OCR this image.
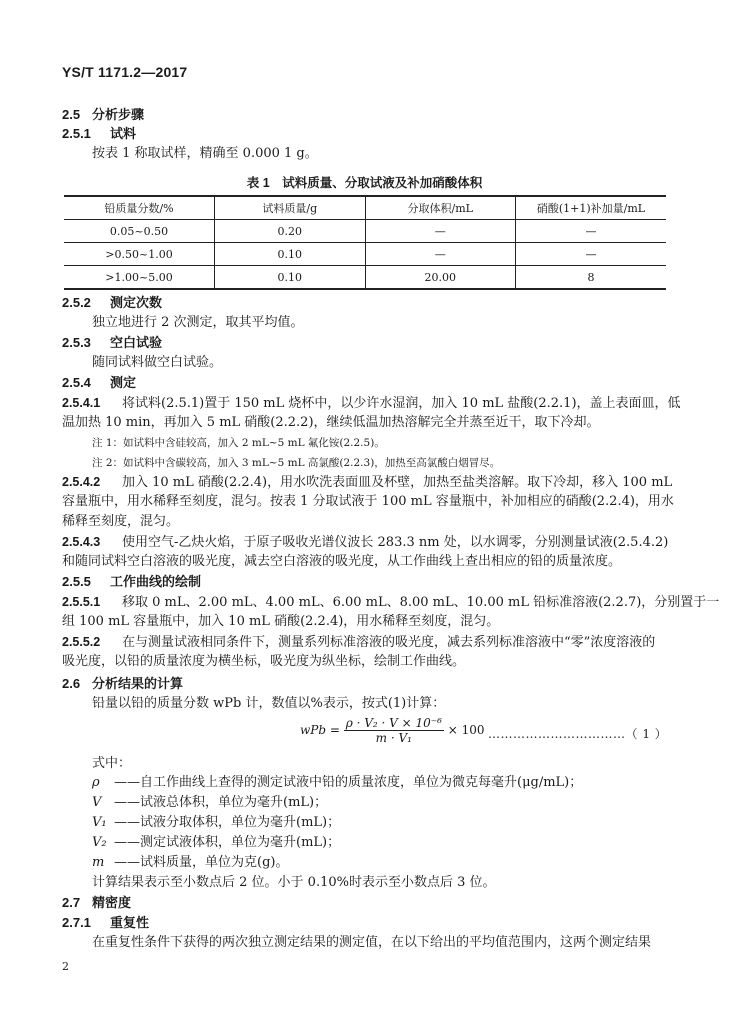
YS/T 1171.2—2017
2.5 分析步骤
2.5.1 试料
按表 1 称取试样，精确至 0.000 1 g。
表 1　试料质量、分取试液及补加硝酸体积
铅质量分数/%	试料质量/g	分取体积/mL	硝酸(1+1)补加量/mL
0.05~0.50	0.20	—	—
>0.50~1.00	0.10	—	—
>1.00~5.00	0.10	20.00	8
2.5.2 测定次数
独立地进行 2 次测定，取其平均值。
2.5.3 空白试验
随同试料做空白试验。
2.5.4 测定
2.5.4.1 将试料(2.5.1)置于 150 mL 烧杯中，以少许水湿润，加入 10 mL 盐酸(2.2.1)，盖上表面皿，低
温加热 10 min，再加入 5 mL 硝酸(2.2.2)，继续低温加热溶解完全并蒸至近干，取下冷却。
注 1：如试料中含硅较高，加入 2 mL~5 mL 氟化铵(2.2.5)。
注 2：如试料中含碳较高，加入 3 mL~5 mL 高氯酸(2.2.3)，加热至高氯酸白烟冒尽。
2.5.4.2 加入 10 mL 硝酸(2.2.4)，用水吹洗表面皿及杯壁，加热至盐类溶解。取下冷却，移入 100 mL
容量瓶中，用水稀释至刻度，混匀。按表 1 分取试液于 100 mL 容量瓶中，补加相应的硝酸(2.2.4)，用水
稀释至刻度，混匀。
2.5.4.3 使用空气-乙炔火焰，于原子吸收光谱仪波长 283.3 nm 处，以水调零，分别测量试液(2.5.4.2)
和随同试料空白溶液的吸光度，减去空白溶液的吸光度，从工作曲线上查出相应的铅的质量浓度。
2.5.5 工作曲线的绘制
2.5.5.1 移取 0 mL、2.00 mL、4.00 mL、6.00 mL、8.00 mL、10.00 mL 铅标准溶液(2.2.7)，分别置于一
组 100 mL 容量瓶中，加入 10 mL 硝酸(2.2.4)，用水稀释至刻度，混匀。
2.5.5.2 在与测量试液相同条件下，测量系列标准溶液的吸光度，减去系列标准溶液中“零”浓度溶液的
吸光度，以铅的质量浓度为横坐标，吸光度为纵坐标，绘制工作曲线。
2.6 分析结果的计算
铅量以铅的质量分数 wPb 计，数值以%表示，按式(1)计算：
wPb = $\frac{\text{ρ · V₂ · V × 10⁻⁶}}{\text{m · V₁}} \times 100$ ……………………………（ 1 ）
式中：
ρ ——自工作曲线上查得的测定试液中铅的质量浓度，单位为微克每毫升(μg/mL)；
V ——试液总体积，单位为毫升(mL)；
V₁ ——试液分取体积，单位为毫升(mL)；
V₂ ——测定试液体积，单位为毫升(mL)；
m ——试料质量，单位为克(g)。
计算结果表示至小数点后 2 位。小于 0.10%时表示至小数点后 3 位。
2.7 精密度
2.7.1 重复性
在重复性条件下获得的两次独立测定结果的测定值，在以下给出的平均值范围内，这两个测定结果
2
